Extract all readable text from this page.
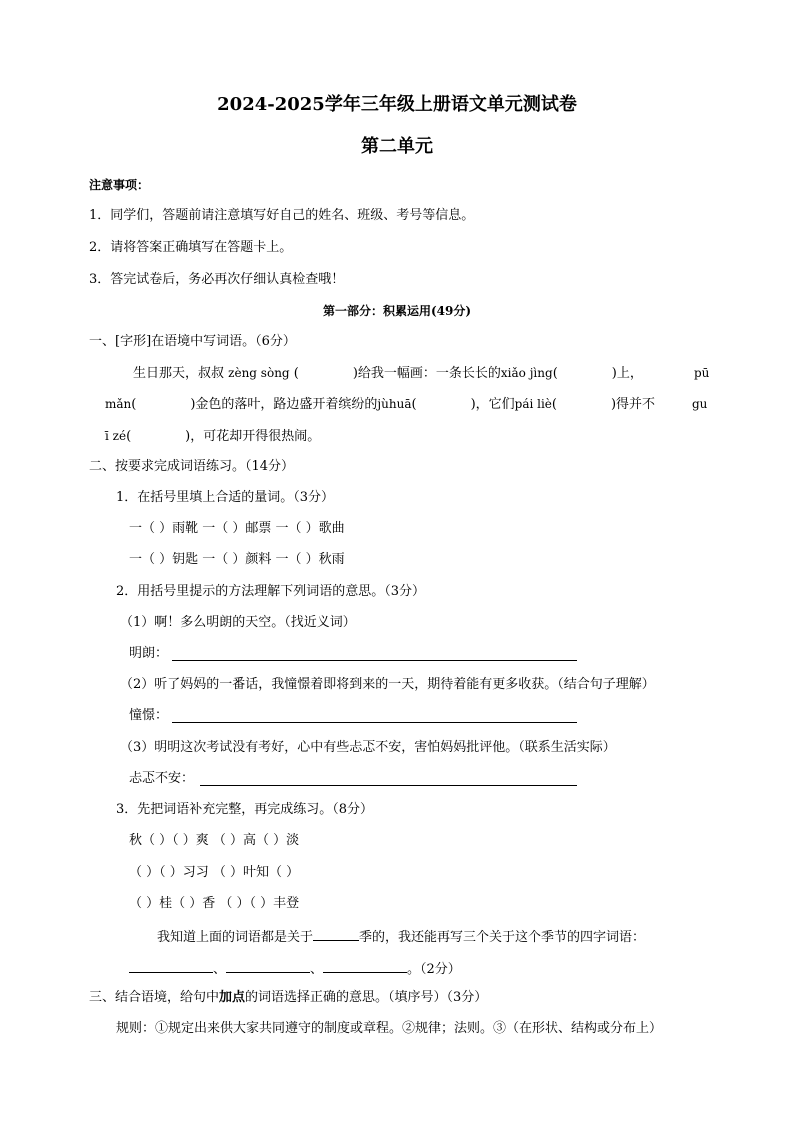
2024-2025学年三年级上册语文单元测试卷
第二单元
注意事项：
1．同学们，答题前请注意填写好自己的姓名、班级、考号等信息。
2．请将答案正确填写在答题卡上。
3．答完试卷后，务必再次仔细认真检查哦！
第一部分：积累运用(49分)
一、[字形]在语境中写词语。（6分）
生日那天，叔叔 zèng sòng (	)给我一幅画：一条长长的xiǎo jìng(	)上，	pū
mǎn(	)金色的落叶，路边盛开着缤纷的jùhuā(	)，它们pái liè(	)得并不	gu
ī zé(	)，可花却开得很热闹。
二、按要求完成词语练习。（14分）
1．在括号里填上合适的量词。（3分）
一（ ）雨靴 一（ ）邮票 一（ ）歌曲
一（ ）钥匙 一（ ）颜料 一（ ）秋雨
2．用括号里提示的方法理解下列词语的意思。（3分）
（1）啊！多么明朗的天空。（找近义词）
明朗：
（2）听了妈妈的一番话，我憧憬着即将到来的一天，期待着能有更多收获。（结合句子理解）
憧憬：
（3）明明这次考试没有考好，心中有些忐忑不安，害怕妈妈批评他。（联系生活实际）
忐忑不安：
3．先把词语补充完整，再完成练习。（8分）
秋（ ）（ ）爽 （ ）高（ ）淡
（ ）（ ）习习 （ ）叶知（ ）
（ ）桂（ ）香 （ ）（ ）丰登
我知道上面的词语都是关于	季的，我还能再写三个关于这个季节的四字词语：
、	、	。（2分）
三、结合语境，给句中加点的词语选择正确的意思。（填序号）（3分）
规则：①规定出来供大家共同遵守的制度或章程。②规律；法则。③（在形状、结构或分布上）
